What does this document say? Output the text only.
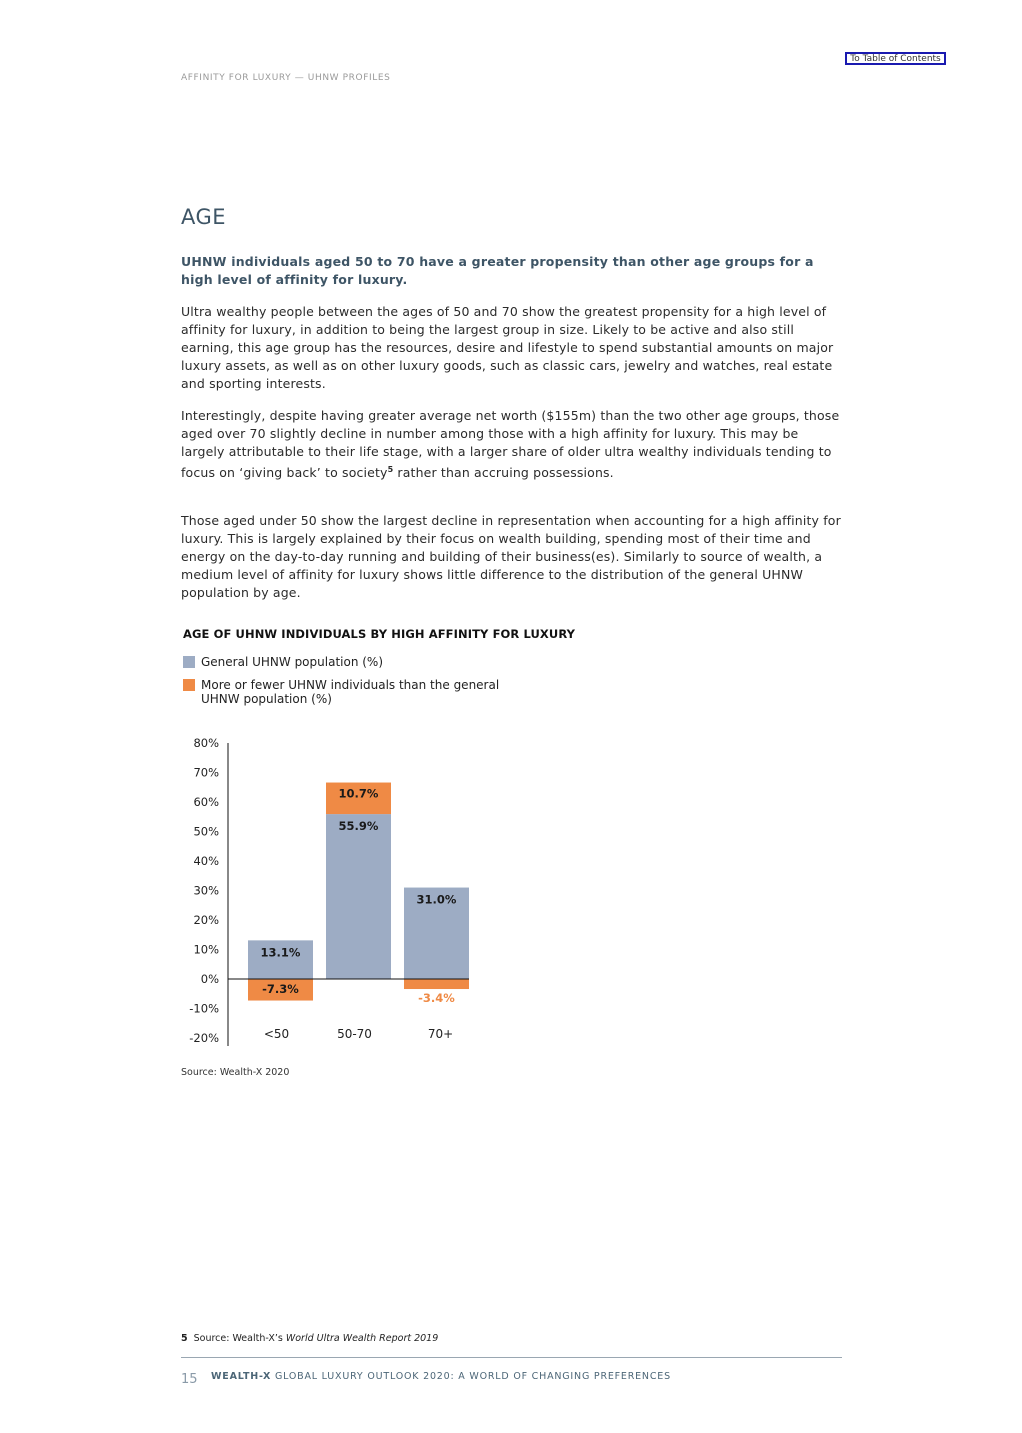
To Table of Contents
AFFINITY FOR LUXURY — UHNW PROFILES
AGE

UHNW individuals aged 50 to 70 have a greater propensity than other age groups for a high level of affinity for luxury.

Ultra wealthy people between the ages of 50 and 70 show the greatest propensity for a high level of affinity for luxury, in addition to being the largest group in size. Likely to be active and also still earning, this age group has the resources, desire and lifestyle to spend substantial amounts on major luxury assets, as well as on other luxury goods, such as classic cars, jewelry and watches, real estate and sporting interests.

Interestingly, despite having greater average net worth ($155m) than the two other age groups, those aged over 70 slightly decline in number among those with a high affinity for luxury. This may be largely attributable to their life stage, with a larger share of older ultra wealthy individuals tending to focus on ‘giving back’ to society$^5$ rather than accruing possessions.

Those aged under 50 show the largest decline in representation when accounting for a high affinity for luxury. This is largely explained by their focus on wealth building, spending most of their time and energy on the day-to-day running and building of their business(es). Similarly to source of wealth, a medium level of affinity for luxury shows little difference to the distribution of the general UHNW population by age.

AGE OF UHNW INDIVIDUALS BY HIGH AFFINITY FOR LUXURY
General UHNW population (%)
More or fewer UHNW individuals than the general
UHNW population (%)
80%
70%
60%
50%
40%
30%
20%
10%
0%
-10%
-20%
13.1%
-7.3%
<50
55.9%
10.7%
50-70
31.0%
-3.4%
70+
Source: Wealth-X 2020
5 Source: Wealth-X’s World Ultra Wealth Report 2019
15 WEALTH-X GLOBAL LUXURY OUTLOOK 2020: A WORLD OF CHANGING PREFERENCES
